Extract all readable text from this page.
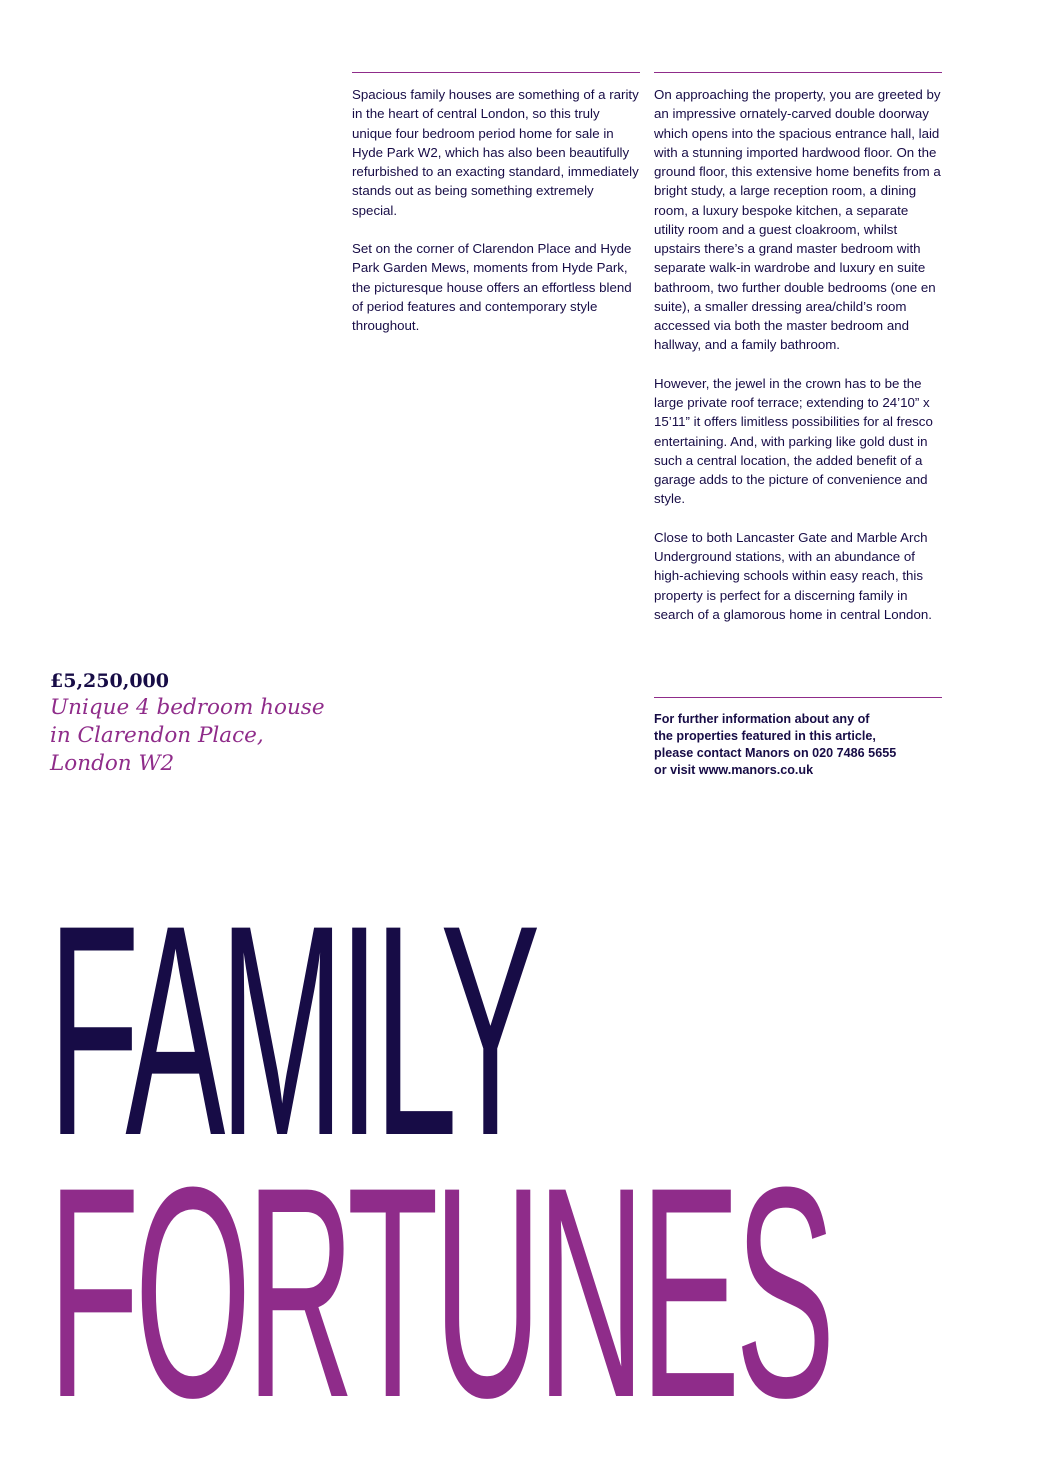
Spacious family houses are something of a rarity in the heart of central London, so this truly unique four bedroom period home for sale in Hyde Park W2, which has also been beautifully refurbished to an exacting standard, immediately stands out as being something extremely special.

Set on the corner of Clarendon Place and Hyde Park Garden Mews, moments from Hyde Park, the picturesque house offers an effortless blend of period features and contemporary style throughout.

On approaching the property, you are greeted by an impressive ornately-carved double doorway which opens into the spacious entrance hall, laid with a stunning imported hardwood floor. On the ground floor, this extensive home benefits from a bright study, a large reception room, a dining room, a luxury bespoke kitchen, a separate utility room and a guest cloakroom, whilst upstairs there’s a grand master bedroom with separate walk-in wardrobe and luxury en suite bathroom, two further double bedrooms (one en suite), a smaller dressing area/child’s room accessed via both the master bedroom and hallway, and a family bathroom.

However, the jewel in the crown has to be the large private roof terrace; extending to 24’10” x 15’11” it offers limitless possibilities for al fresco entertaining. And, with parking like gold dust in such a central location, the added benefit of a garage adds to the picture of convenience and style.

Close to both Lancaster Gate and Marble Arch Underground stations, with an abundance of high-achieving schools within easy reach, this property is perfect for a discerning family in search of a glamorous home in central London.

For further information about any of
the properties featured in this article,
please contact Manors on 020 7486 5655
or visit www.manors.co.uk
£5,250,000
Unique 4 bedroom house
in Clarendon Place,
London W2
FAMILY
FORTUNES
